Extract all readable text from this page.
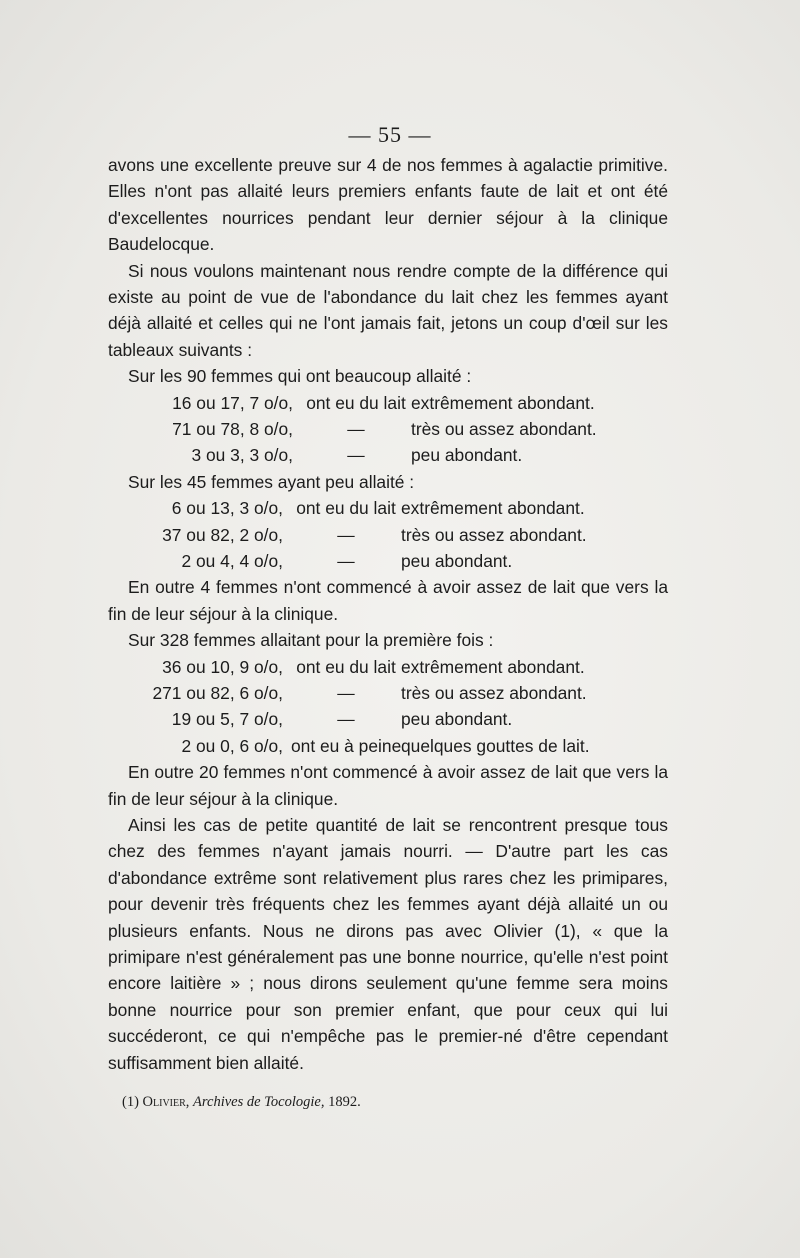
— 55 —

avons une excellente preuve sur 4 de nos femmes à agalactie primitive. Elles n'ont pas allaité leurs premiers enfants faute de lait et ont été d'excellentes nourrices pendant leur dernier séjour à la clinique Baudelocque.

Si nous voulons maintenant nous rendre compte de la différence qui existe au point de vue de l'abondance du lait chez les femmes ayant déjà allaité et celles qui ne l'ont jamais fait, jetons un coup d'œil sur les tableaux suivants :

Sur les 90 femmes qui ont beaucoup allaité :
16 ou 17, 7 o/o, ont eu du lait extrêmement abondant.
71 ou 78, 8 o/o,	—	très ou assez abondant.
3 ou 3, 3 o/o,	—	peu abondant.
Sur les 45 femmes ayant peu allaité :
6 ou 13, 3 o/o, ont eu du lait extrêmement abondant.
37 ou 82, 2 o/o,	—	très ou assez abondant.
2 ou 4, 4 o/o,	—	peu abondant.

En outre 4 femmes n'ont commencé à avoir assez de lait que vers la fin de leur séjour à la clinique.

Sur 328 femmes allaitant pour la première fois :
36 ou 10, 9 o/o, ont eu du lait extrêmement abondant.
271 ou 82, 6 o/o,	—	très ou assez abondant.
19 ou 5, 7 o/o,	—	peu abondant.
2 ou 0, 6 o/o, ont eu à peine quelques gouttes de lait.

En outre 20 femmes n'ont commencé à avoir assez de lait que vers la fin de leur séjour à la clinique.

Ainsi les cas de petite quantité de lait se rencontrent presque tous chez des femmes n'ayant jamais nourri. — D'autre part les cas d'abondance extrême sont relativement plus rares chez les primipares, pour devenir très fréquents chez les femmes ayant déjà allaité un ou plusieurs enfants. Nous ne dirons pas avec Olivier (1), « que la primipare n'est généralement pas une bonne nourrice, qu'elle n'est point encore laitière » ; nous dirons seulement qu'une femme sera moins bonne nourrice pour son premier enfant, que pour ceux qui lui succéderont, ce qui n'empêche pas le premier-né d'être cependant suffisamment bien allaité.

(1) Olivier, Archives de Tocologie, 1892.
